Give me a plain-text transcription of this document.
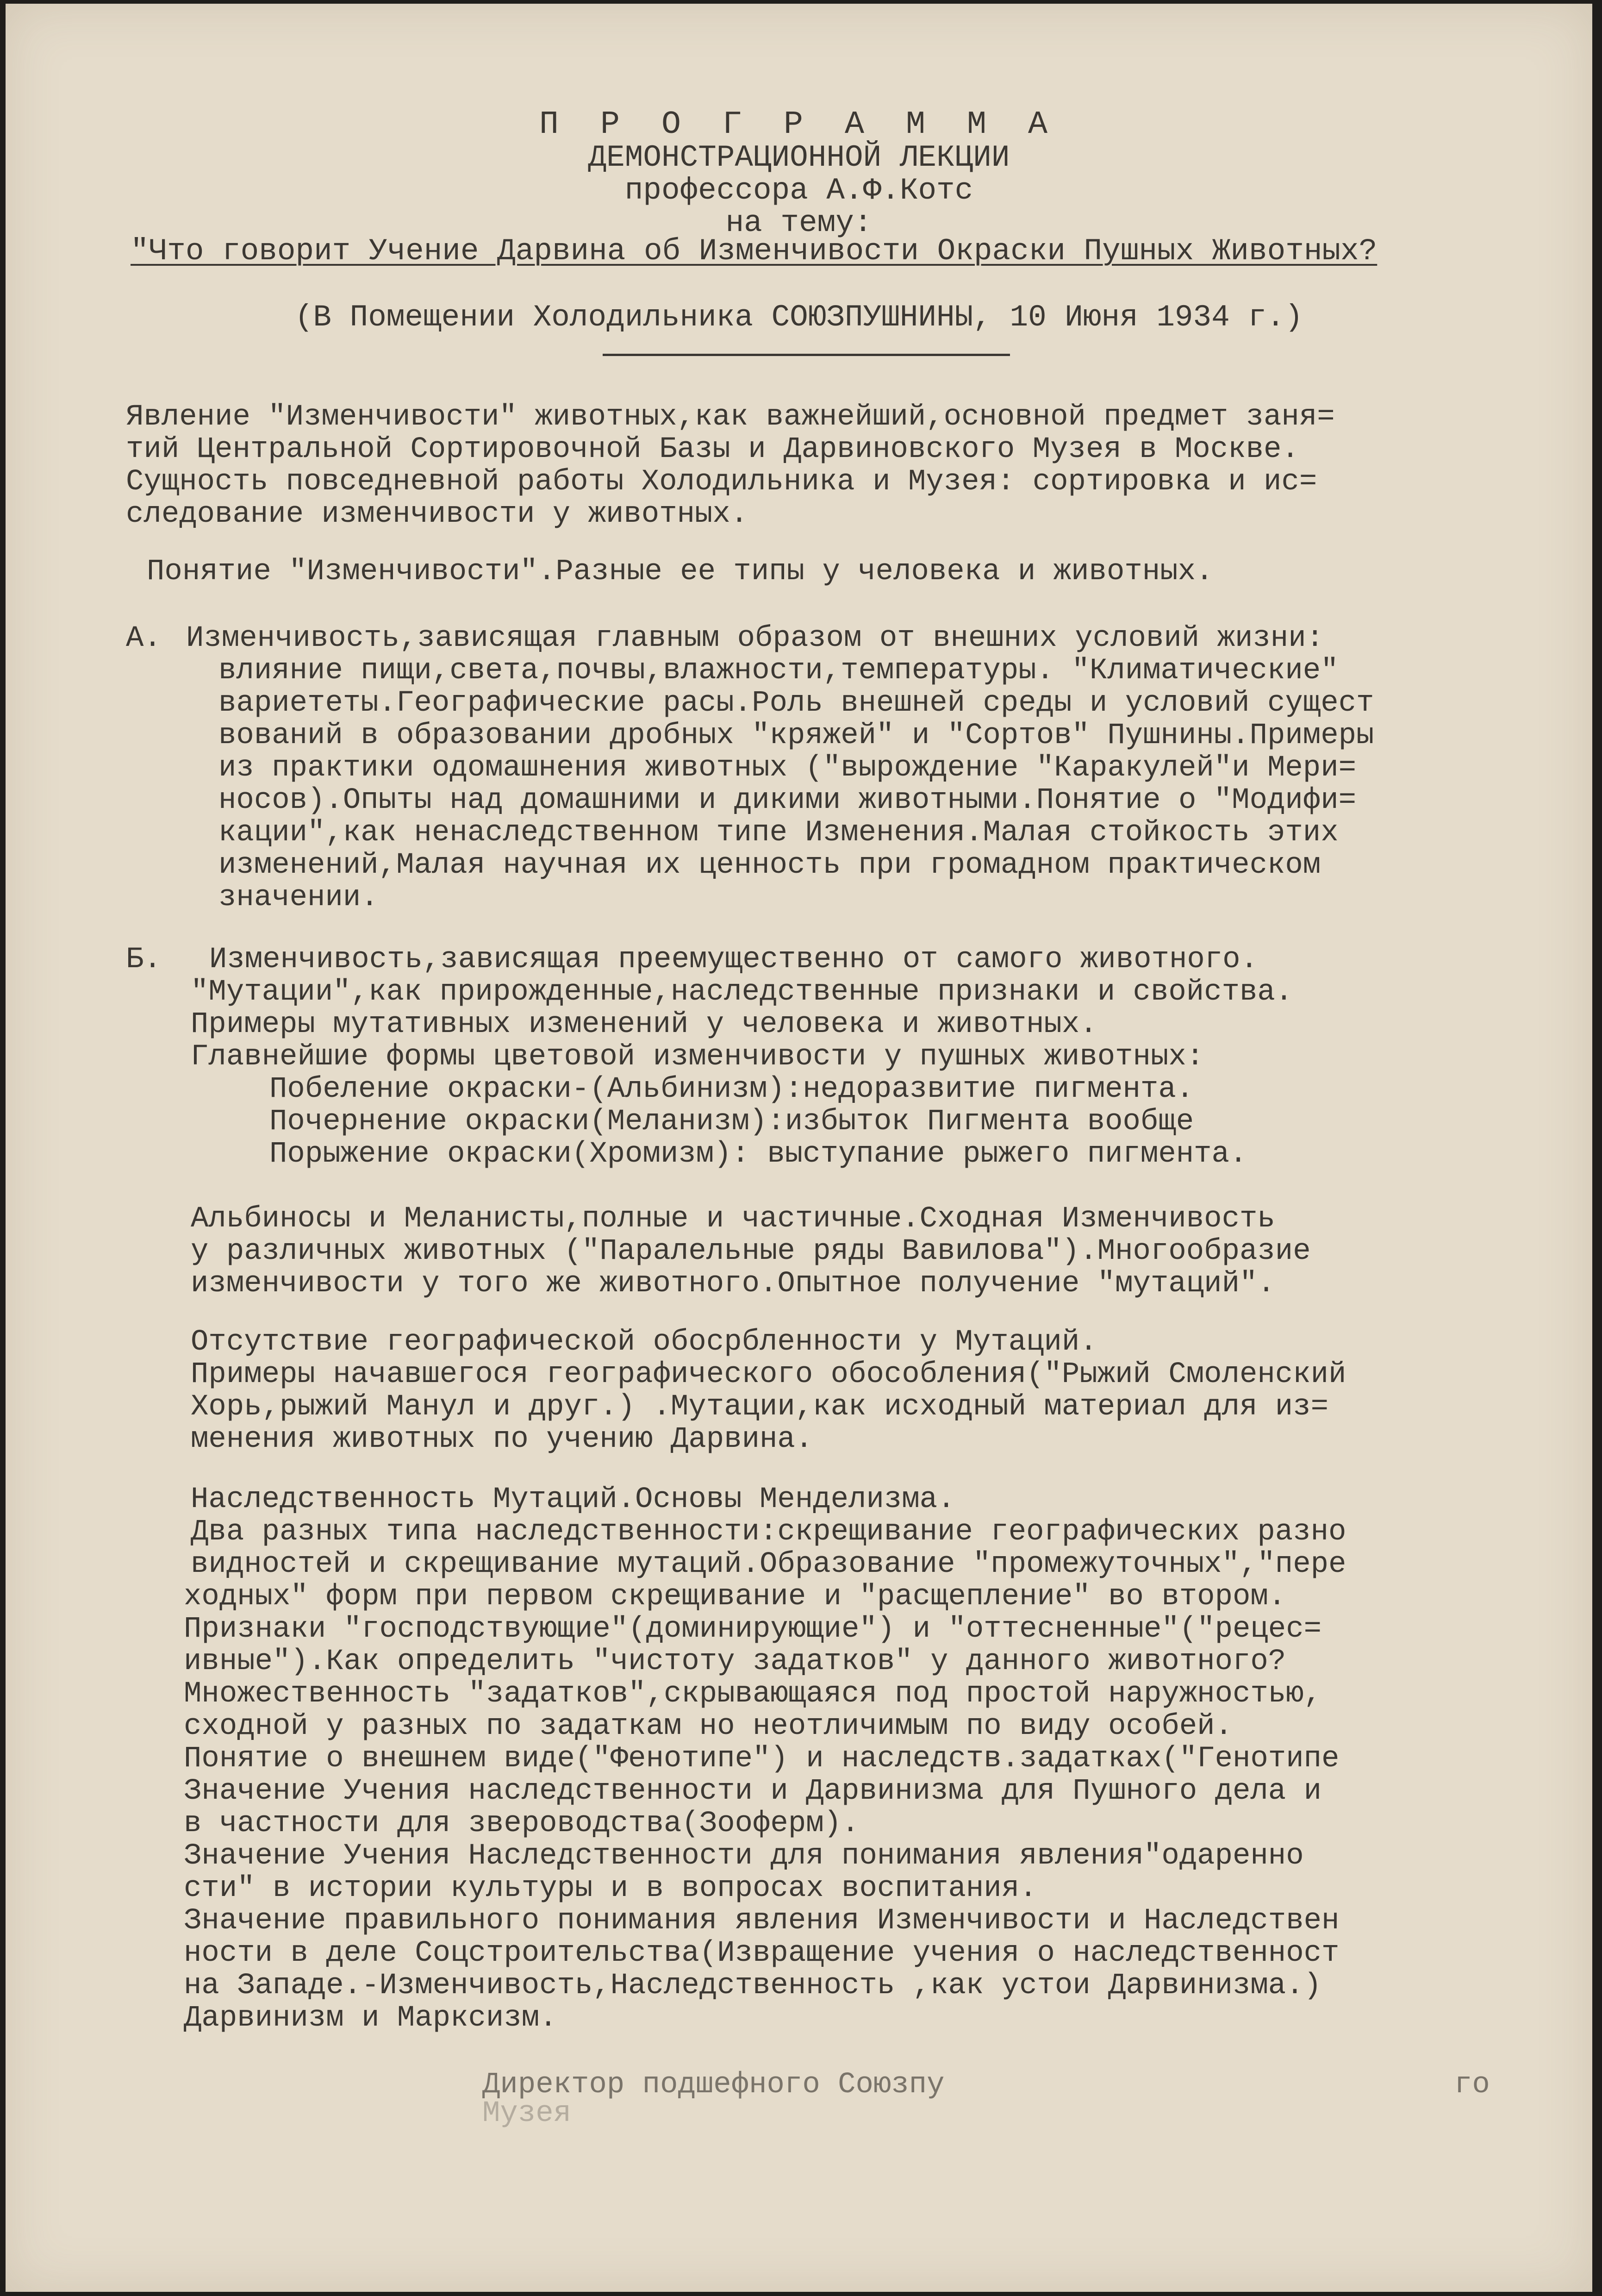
П Р О Г Р А М М А
ДЕМОНСТРАЦИОННОЙ ЛЕКЦИИ
профессора А.Ф.Котс
на тему:
"Что говорит Учение Дарвина об Изменчивости Окраски Пушных Животных?
(В Помещении Холодильника СОЮЗПУШНИНЫ, 10 Июня 1934 г.)
Явление "Изменчивости" животных,как важнейший,основной предмет заня=
тий Центральной Сортировочной Базы и Дарвиновского Музея в Москве.
Сущность повседневной работы Холодильника и Музея: сортировка и ис=
следование изменчивости у животных.
Понятие "Изменчивости".Разные ее типы у человека и животных.
А. Изменчивость,зависящая главным образом от внешних условий жизни:
влияние пищи,света,почвы,влажности,температуры. "Климатические"
вариететы.Географические расы.Роль внешней среды и условий сущест
вований в образовании дробных "кряжей" и "Сортов" Пушнины.Примеры
из практики одомашнения животных ("вырождение "Каракулей"и Мери=
носов).Опыты над домашними и дикими животными.Понятие о "Модифи=
кации",как ненаследственном типе Изменения.Малая стойкость этих
изменений,Малая научная их ценность при громадном практическом
значении.
Б. Изменчивость,зависящая преемущественно от самого животного.
"Мутации",как прирожденные,наследственные признаки и свойства.
Примеры мутативных изменений у человека и животных.
Главнейшие формы цветовой изменчивости у пушных животных:
Побеление окраски-(Альбинизм):недоразвитие пигмента.
Почернение окраски(Меланизм):избыток Пигмента вообще
Порыжение окраски(Хромизм): выступание рыжего пигмента.
Альбиносы и Меланисты,полные и частичные.Сходная Изменчивость
у различных животных ("Паралельные ряды Вавилова").Многообразие
изменчивости у того же животного.Опытное получение "мутаций".
Отсутствие географической обосрбленности у Мутаций.
Примеры начавшегося географического обособления("Рыжий Смоленский
Хорь,рыжий Манул и друг.) .Мутации,как исходный материал для из=
менения животных по учению Дарвина.
Наследственность Мутаций.Основы Менделизма.
Два разных типа наследственности:скрещивание географических разно
видностей и скрещивание мутаций.Образование "промежуточных","пере
ходных" форм при первом скрещивание и "расщепление" во втором.
Признаки "господствующие"(доминирующие") и "оттесненные"("рецес=
ивные").Как определить "чистоту задатков" у данного животного?
Множественность "задатков",скрывающаяся под простой наружностью,
сходной у разных по задаткам но неотличимым по виду особей.
Понятие о внешнем виде("Фенотипе") и наследств.задатках("Генотипе
Значение Учения наследственности и Дарвинизма для Пушного дела и
в частности для звероводства(Зооферм).
Значение Учения Наследственности для понимания явления"одаренно
сти" в истории культуры и в вопросах воспитания.
Значение правильного понимания явления Изменчивости и Наследствен
ности в деле Соцстроительства(Извращение учения о наследственност
на Западе.-Изменчивость,Наследственность ,как устои Дарвинизма.)
Дарвинизм и Марксизм.
Директор подшефного Союзпу	го
Музея
